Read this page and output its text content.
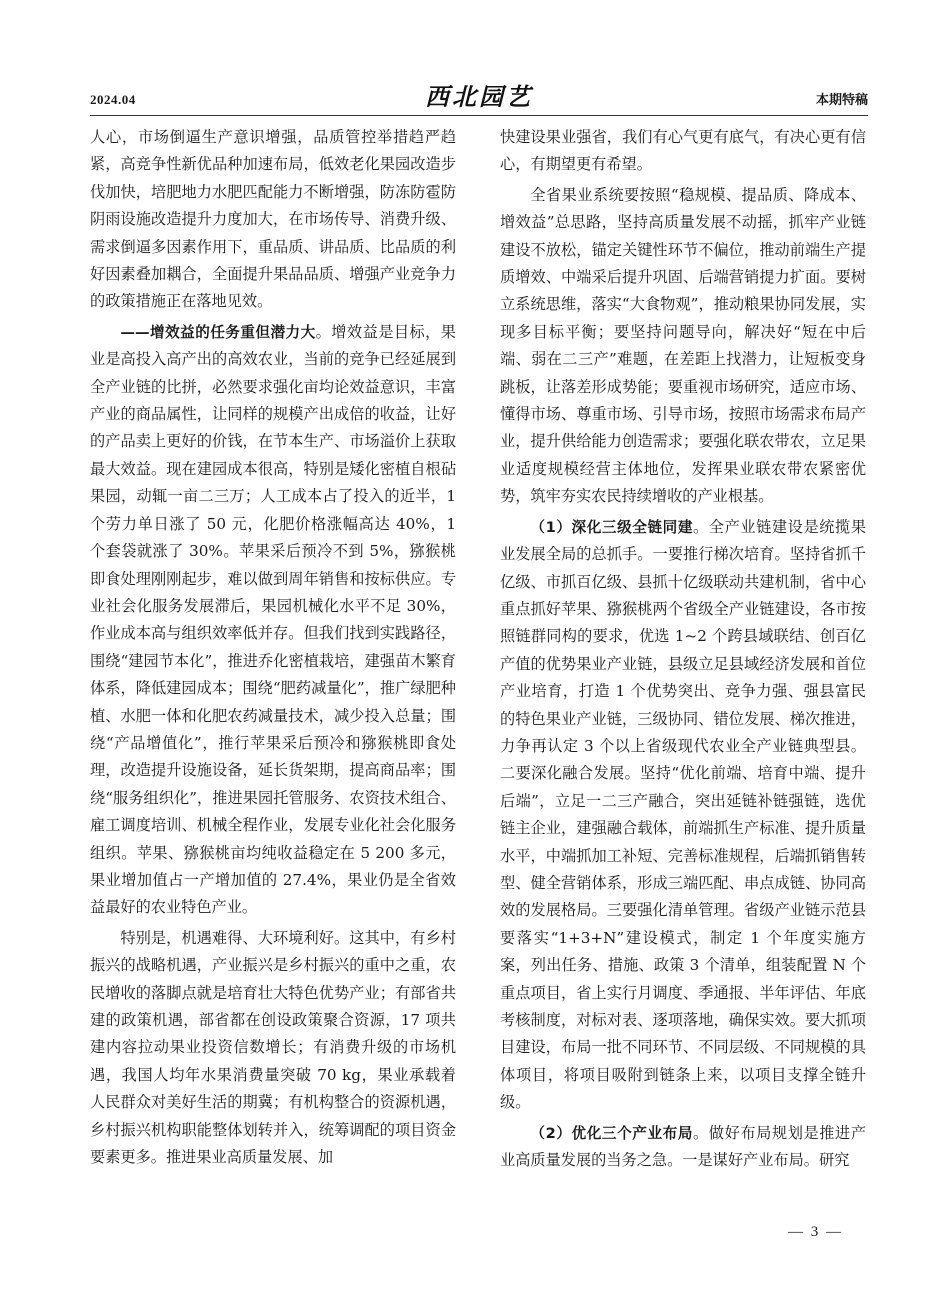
2024.04	西北园艺	本期特稿

人心，市场倒逼生产意识增强，品质管控举措趋严趋紧，高竞争性新优品种加速布局，低效老化果园改造步伐加快，培肥地力水肥匹配能力不断增强，防冻防雹防阴雨设施改造提升力度加大，在市场传导、消费升级、需求倒逼多因素作用下，重品质、讲品质、比品质的利好因素叠加耦合，全面提升果品品质、增强产业竞争力的政策措施正在落地见效。

——增效益的任务重但潜力大。增效益是目标，果业是高投入高产出的高效农业，当前的竞争已经延展到全产业链的比拼，必然要求强化亩均论效益意识，丰富产业的商品属性，让同样的规模产出成倍的收益，让好的产品卖上更好的价钱，在节本生产、市场溢价上获取最大效益。现在建园成本很高，特别是矮化密植自根砧果园，动辄一亩二三万；人工成本占了投入的近半，1 个劳力单日涨了 50 元，化肥价格涨幅高达 40%，1 个套袋就涨了 30%。苹果采后预冷不到 5%，猕猴桃即食处理刚刚起步，难以做到周年销售和按标供应。专业社会化服务发展滞后，果园机械化水平不足 30%，作业成本高与组织效率低并存。但我们找到实践路径，围绕“建园节本化”，推进乔化密植栽培，建强苗木繁育体系，降低建园成本；围绕“肥药减量化”，推广绿肥种植、水肥一体和化肥农药减量技术，减少投入总量；围绕“产品增值化”，推行苹果采后预冷和猕猴桃即食处理，改造提升设施设备，延长货架期，提高商品率；围绕“服务组织化”，推进果园托管服务、农资技术组合、雇工调度培训、机械全程作业，发展专业化社会化服务组织。苹果、猕猴桃亩均纯收益稳定在 5 200 多元，果业增加值占一产增加值的 27.4%，果业仍是全省效益最好的农业特色产业。

特别是，机遇难得、大环境利好。这其中，有乡村振兴的战略机遇，产业振兴是乡村振兴的重中之重，农民增收的落脚点就是培育壮大特色优势产业；有部省共建的政策机遇，部省都在创设政策聚合资源，17 项共建内容拉动果业投资信数增长；有消费升级的市场机遇，我国人均年水果消费量突破 70 kg，果业承载着人民群众对美好生活的期冀；有机构整合的资源机遇，乡村振兴机构职能整体划转并入，统筹调配的项目资金要素更多。推进果业高质量发展、加

快建设果业强省，我们有心气更有底气，有决心更有信心，有期望更有希望。

全省果业系统要按照“稳规模、提品质、降成本、增效益”总思路，坚持高质量发展不动摇，抓牢产业链建设不放松，锚定关键性环节不偏位，推动前端生产提质增效、中端采后提升巩固、后端营销提力扩面。要树立系统思维，落实“大食物观”，推动粮果协同发展，实现多目标平衡；要坚持问题导向，解决好“短在中后端、弱在二三产”难题，在差距上找潜力，让短板变身跳板，让落差形成势能；要重视市场研究，适应市场、懂得市场、尊重市场、引导市场，按照市场需求布局产业，提升供给能力创造需求；要强化联农带农，立足果业适度规模经营主体地位，发挥果业联农带农紧密优势，筑牢夯实农民持续增收的产业根基。

（1）深化三级全链同建。全产业链建设是统揽果业发展全局的总抓手。一要推行梯次培育。坚持省抓千亿级、市抓百亿级、县抓十亿级联动共建机制，省中心重点抓好苹果、猕猴桃两个省级全产业链建设，各市按照链群同构的要求，优选 1~2 个跨县域联结、创百亿产值的优势果业产业链，县级立足县域经济发展和首位产业培育，打造 1 个优势突出、竞争力强、强县富民的特色果业产业链，三级协同、错位发展、梯次推进，力争再认定 3 个以上省级现代农业全产业链典型县。二要深化融合发展。坚持“优化前端、培育中端、提升后端”，立足一二三产融合，突出延链补链强链，选优链主企业，建强融合载体，前端抓生产标准、提升质量水平，中端抓加工补短、完善标准规程，后端抓销售转型、健全营销体系，形成三端匹配、串点成链、协同高效的发展格局。三要强化清单管理。省级产业链示范县要落实“1+3+N”建设模式，制定 1 个年度实施方案，列出任务、措施、政策 3 个清单，组装配置 N 个重点项目，省上实行月调度、季通报、半年评估、年底考核制度，对标对表、逐项落地，确保实效。要大抓项目建设，布局一批不同环节、不同层级、不同规模的具体项目，将项目吸附到链条上来，以项目支撑全链升级。

（2）优化三个产业布局。做好布局规划是推进产业高质量发展的当务之急。一是谋好产业布局。研究

— 3 —
